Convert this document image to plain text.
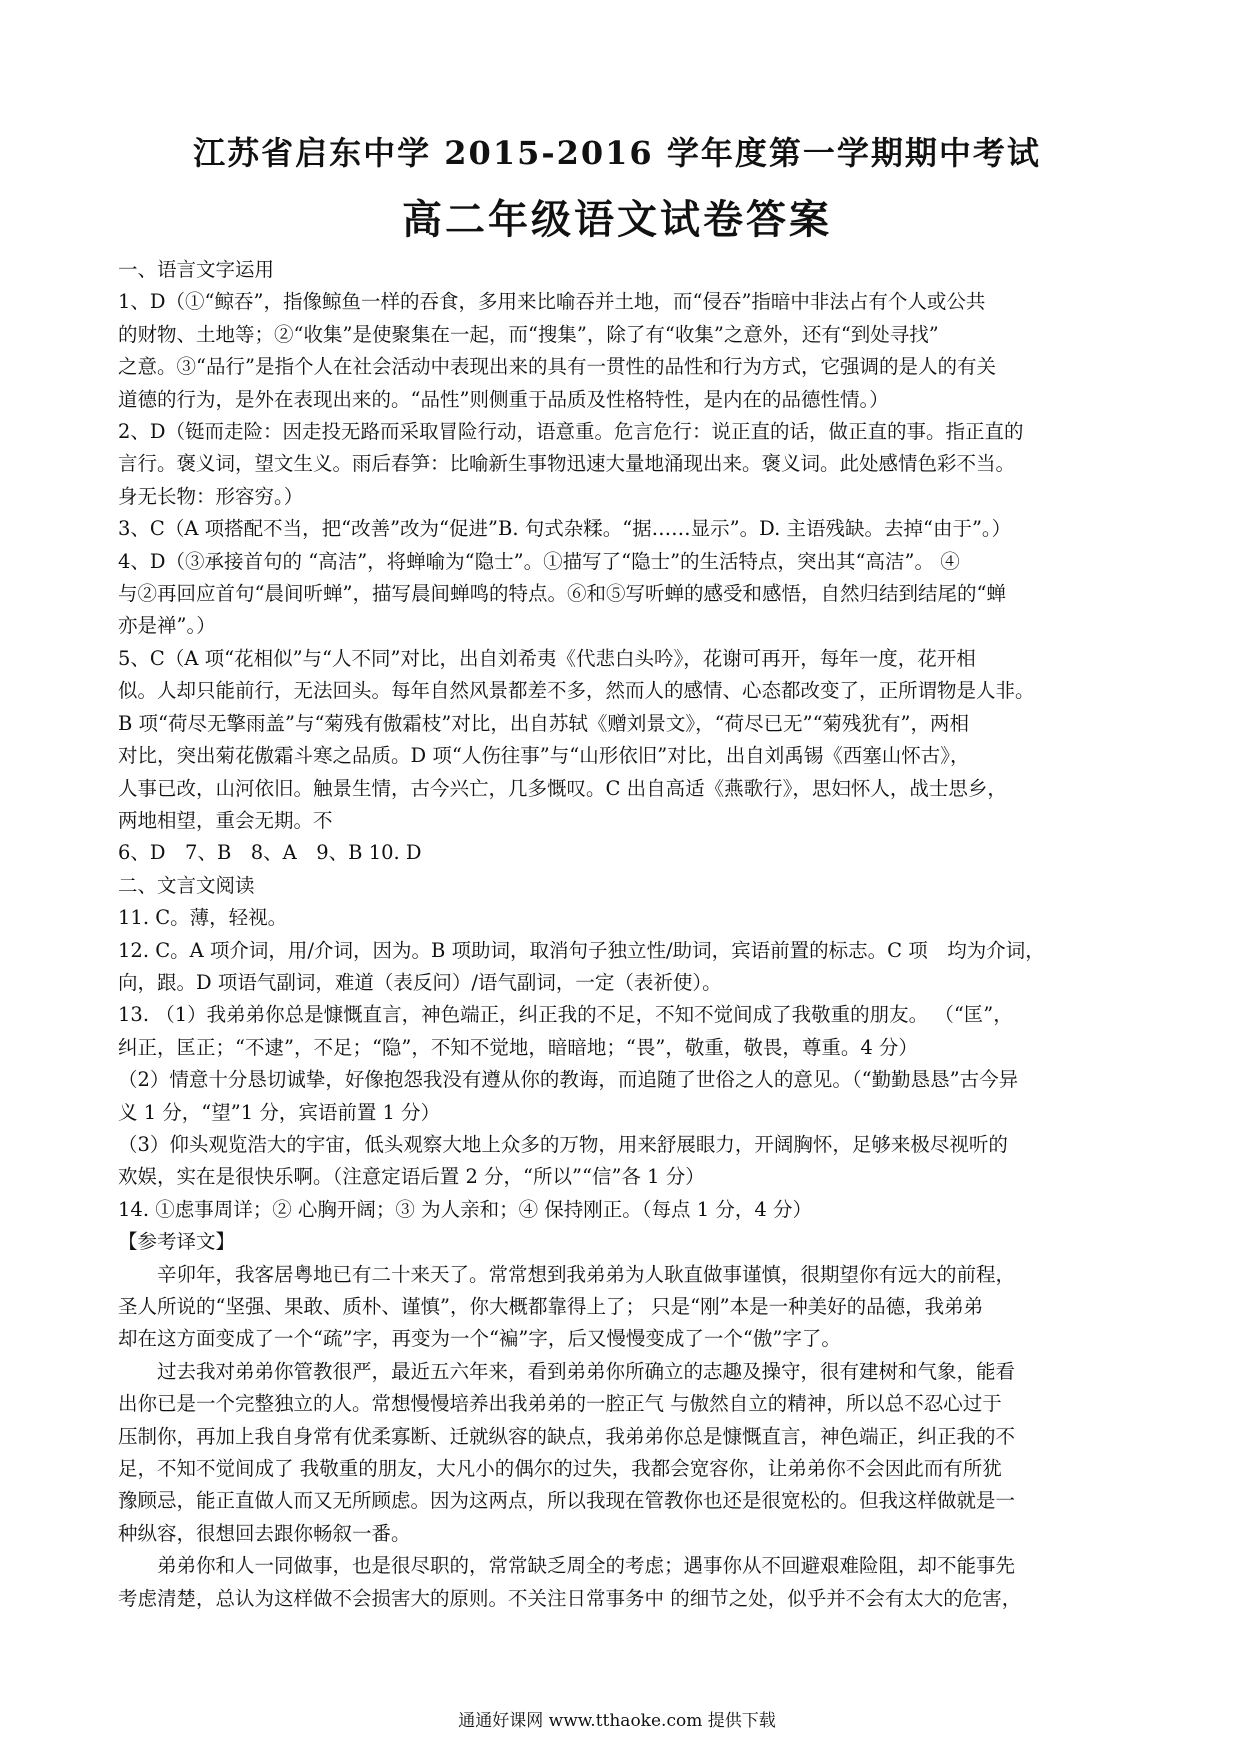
江苏省启东中学 2015-2016 学年度第一学期期中考试
高二年级语文试卷答案

一、语言文字运用

1、D（①“鲸吞”，指像鲸鱼一样的吞食，多用来比喻吞并土地，而“侵吞”指暗中非法占有个人或公共

的财物、土地等；②“收集”是使聚集在一起，而“搜集”，除了有“收集”之意外，还有“到处寻找”

之意。③“品行”是指个人在社会活动中表现出来的具有一贯性的品性和行为方式，它强调的是人的有关

道德的行为，是外在表现出来的。“品性”则侧重于品质及性格特性，是内在的品德性情。）

2、D（铤而走险：因走投无路而采取冒险行动，语意重。危言危行：说正直的话，做正直的事。指正直的

言行。褒义词，望文生义。雨后春笋：比喻新生事物迅速大量地涌现出来。褒义词。此处感情色彩不当。

身无长物：形容穷。）

3、C（A 项搭配不当，把“改善”改为“促进”B. 句式杂糅。“据……显示”。D. 主语残缺。去掉“由于”。）

4、D（③承接首句的 “高洁”，将蝉喻为“隐士”。①描写了“隐士”的生活特点，突出其“高洁”。 ④

与②再回应首句“晨间听蝉”，描写晨间蝉鸣的特点。⑥和⑤写听蝉的感受和感悟，自然归结到结尾的“蝉

亦是禅”。）

5、C（A 项“花相似”与“人不同”对比，出自刘希夷《代悲白头吟》，花谢可再开，每年一度，花开相

似。人却只能前行，无法回头。每年自然风景都差不多，然而人的感情、心态都改变了，正所谓物是人非。

B 项“荷尽无擎雨盖”与“菊残有傲霜枝”对比，出自苏轼《赠刘景文》，“荷尽已无”“菊残犹有”，两相

对比，突出菊花傲霜斗寒之品质。D 项“人伤往事”与“山形依旧”对比，出自刘禹锡《西塞山怀古》，

人事已改，山河依旧。触景生情，古今兴亡，几多慨叹。C 出自高适《燕歌行》，思妇怀人，战士思乡，

两地相望，重会无期。不

6、D　7、B　8、A　9、B 10. D

二、文言文阅读

11. C。薄，轻视。

12. C。A 项介词，用/介词，因为。B 项助词，取消句子独立性/助词，宾语前置的标志。C 项　均为介词，

向，跟。D 项语气副词，难道（表反问）/语气副词，一定（表祈使）。

13. （1）我弟弟你总是慷慨直言，神色端正，纠正我的不足，不知不觉间成了我敬重的朋友。 （“匡”，

纠正，匡正；“不逮”，不足；“隐”，不知不觉地，暗暗地；“畏”，敬重，敬畏，尊重。4 分）

（2）情意十分恳切诚挚，好像抱怨我没有遵从你的教诲，而追随了世俗之人的意见。（“勤勤恳恳”古今异

义 1 分，“望”1 分，宾语前置 1 分）

（3）仰头观览浩大的宇宙，低头观察大地上众多的万物，用来舒展眼力，开阔胸怀，足够来极尽视听的

欢娱，实在是很快乐啊。（注意定语后置 2 分，“所以”“信”各 1 分）

14. ①虑事周详；② 心胸开阔；③ 为人亲和；④ 保持刚正。（每点 1 分，4 分）

【参考译文】

　　辛卯年，我客居粤地已有二十来天了。常常想到我弟弟为人耿直做事谨慎，很期望你有远大的前程，

圣人所说的“坚强、果敢、质朴、谨慎”，你大概都靠得上了； 只是“刚”本是一种美好的品德，我弟弟

却在这方面变成了一个“疏”字，再变为一个“褊”字，后又慢慢变成了一个“傲”字了。

　　过去我对弟弟你管教很严，最近五六年来，看到弟弟你所确立的志趣及操守，很有建树和气象，能看

出你已是一个完整独立的人。常想慢慢培养出我弟弟的一腔正气 与傲然自立的精神，所以总不忍心过于

压制你，再加上我自身常有优柔寡断、迁就纵容的缺点，我弟弟你总是慷慨直言，神色端正，纠正我的不

足，不知不觉间成了 我敬重的朋友，大凡小的偶尔的过失，我都会宽容你，让弟弟你不会因此而有所犹

豫顾忌，能正直做人而又无所顾虑。因为这两点，所以我现在管教你也还是很宽松的。但我这样做就是一

种纵容，很想回去跟你畅叙一番。

　　弟弟你和人一同做事，也是很尽职的，常常缺乏周全的考虑；遇事你从不回避艰难险阻，却不能事先

考虑清楚，总认为这样做不会损害大的原则。不关注日常事务中 的细节之处，似乎并不会有太大的危害，

通通好课网 www.tthaoke.com 提供下载
